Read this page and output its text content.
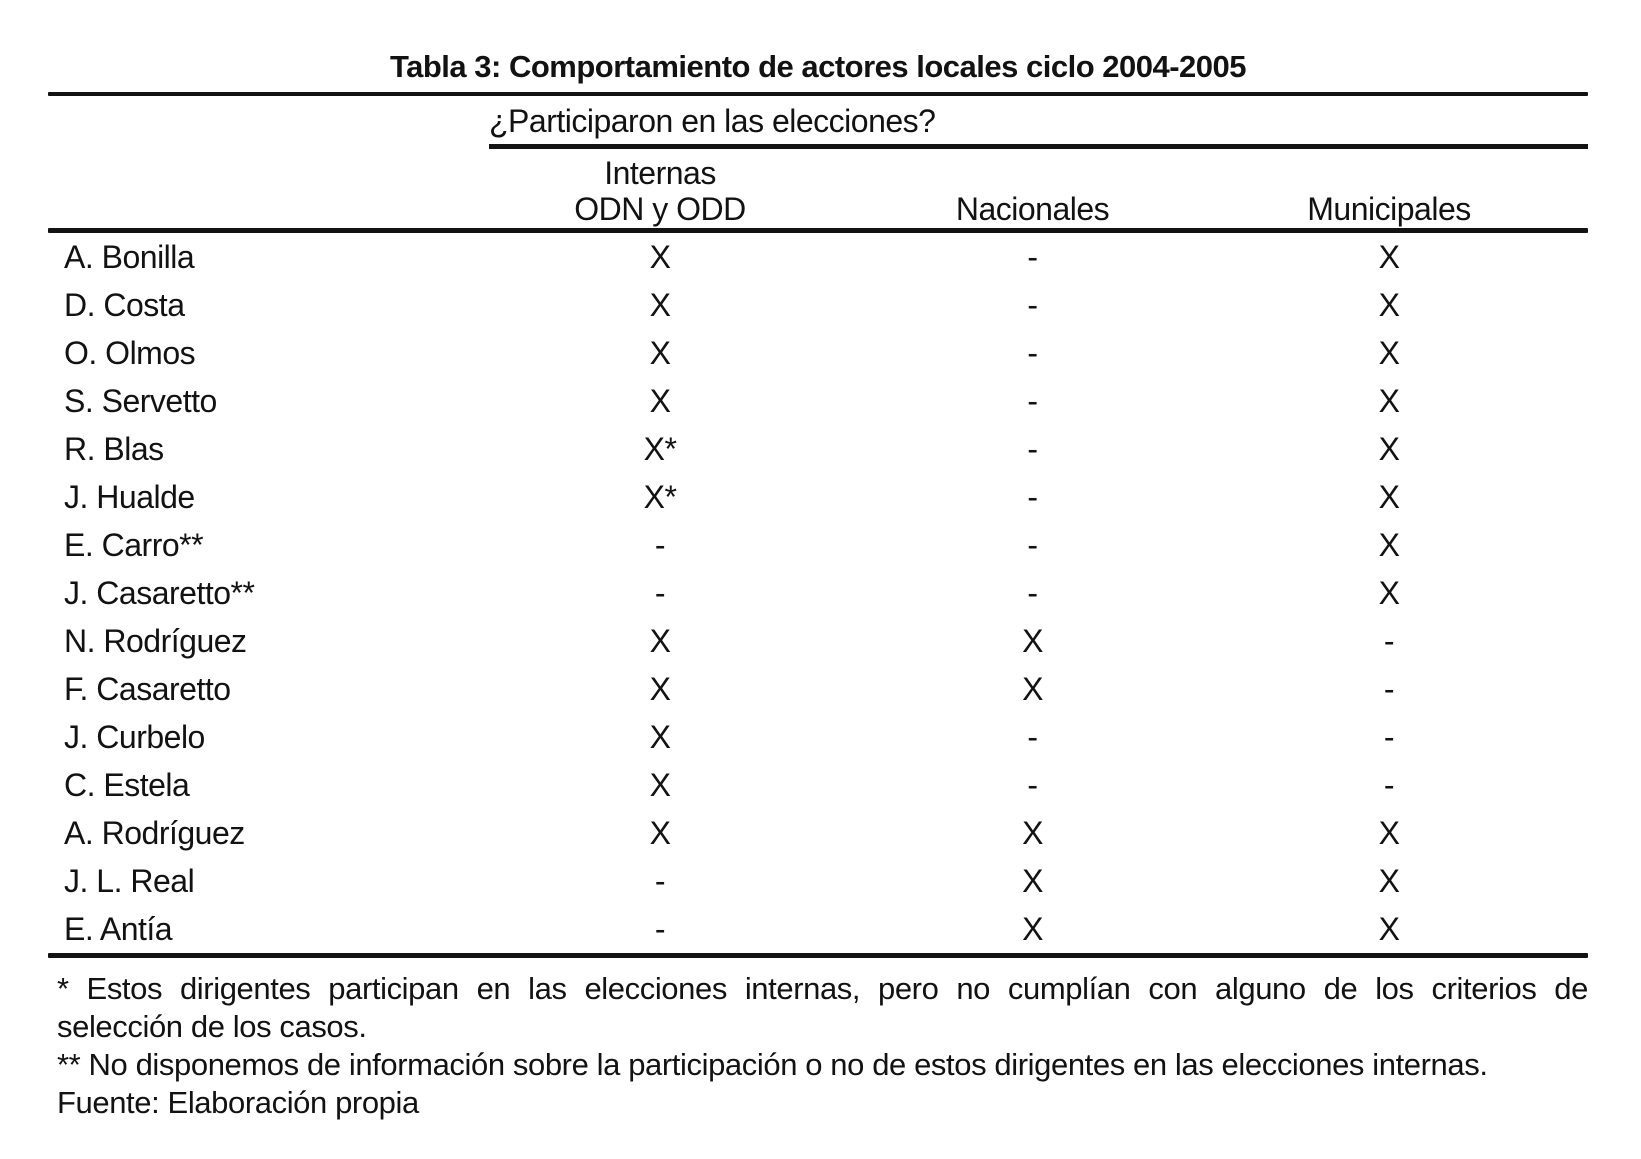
Tabla 3: Comportamiento de actores locales ciclo 2004-2005
¿Participaron en las elecciones?
Internas
ODN y ODD	Nacionales	Municipales
A. Bonilla	X	-	X
D. Costa	X	-	X
O. Olmos	X	-	X
S. Servetto	X	-	X
R. Blas	X*	-	X
J. Hualde	X*	-	X
E. Carro**	-	-	X
J. Casaretto**	-	-	X
N. Rodríguez	X	X	-
F. Casaretto	X	X	-
J. Curbelo	X	-	-
C. Estela	X	-	-
A. Rodríguez	X	X	X
J. L. Real	-	X	X
E. Antía	-	X	X
* Estos dirigentes participan en las elecciones internas, pero no cumplían con alguno de los criterios de
selección de los casos.
** No disponemos de información sobre la participación o no de estos dirigentes en las elecciones internas.
Fuente: Elaboración propia
